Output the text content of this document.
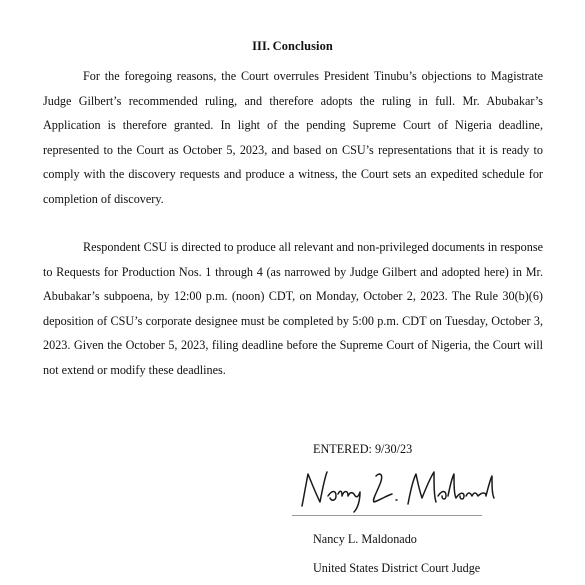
III. Conclusion

For the foregoing reasons, the Court overrules President Tinubu’s objections to Magistrate Judge Gilbert’s recommended ruling, and therefore adopts the ruling in full. Mr. Abubakar’s Application is therefore granted. In light of the pending Supreme Court of Nigeria deadline, represented to the Court as October 5, 2023, and based on CSU’s representations that it is ready to comply with the discovery requests and produce a witness, the Court sets an expedited schedule for completion of discovery.

Respondent CSU is directed to produce all relevant and non-privileged documents in response to Requests for Production Nos. 1 through 4 (as narrowed by Judge Gilbert and adopted here) in Mr. Abubakar’s subpoena, by 12:00 p.m. (noon) CDT, on Monday, October 2, 2023. The Rule 30(b)(6) deposition of CSU’s corporate designee must be completed by 5:00 p.m. CDT on Tuesday, October 3, 2023. Given the October 5, 2023, filing deadline before the Supreme Court of Nigeria, the Court will not extend or modify these deadlines.

ENTERED: 9/30/23
Nancy L. Maldonado
United States District Court Judge
